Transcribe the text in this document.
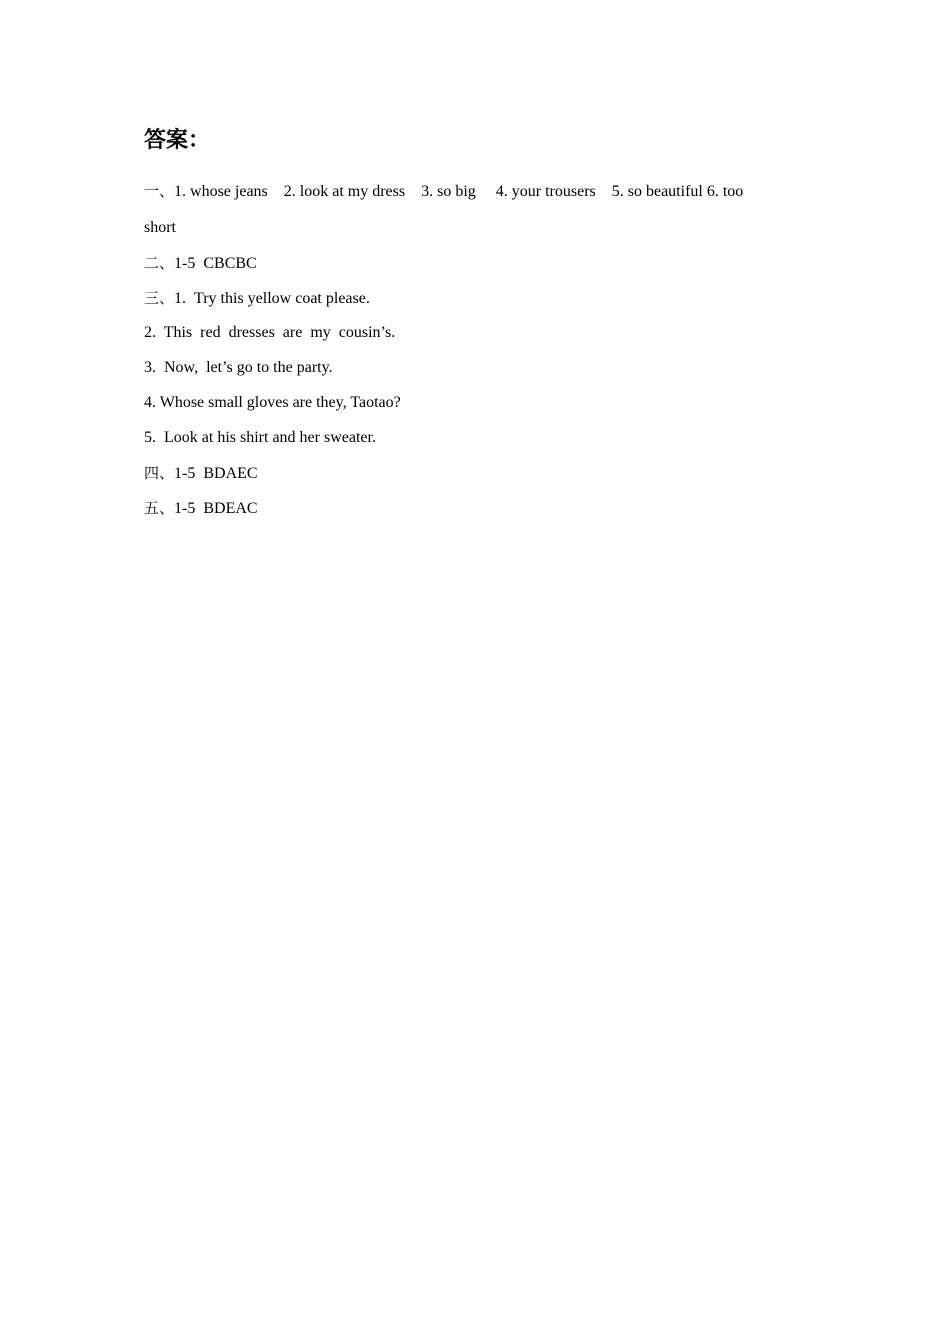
答案：
一、1. whose jeans    2. look at my dress    3. so big     4. your trousers    5. so beautiful 6. too
short
二、1-5  CBCBC
三、1.  Try this yellow coat please.
2.  This  red  dresses  are  my  cousin’s.
3.  Now,  let’s go to the party.
4. Whose small gloves are they, Taotao?
5.  Look at his shirt and her sweater.
四、1-5  BDAEC
五、1-5  BDEAC
